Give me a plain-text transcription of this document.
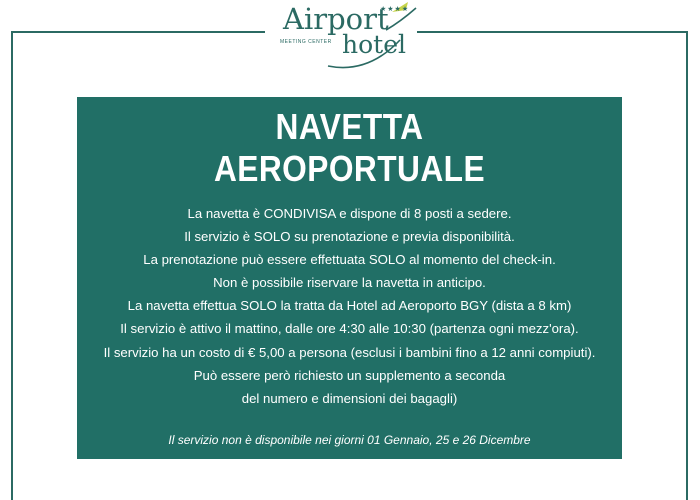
★★★★
Airport
MEETING CENTER hotel
NAVETTA
AEROPORTUALE
La navetta è CONDIVISA e dispone di 8 posti a sedere.
Il servizio è SOLO su prenotazione e previa disponibilità.
La prenotazione può essere effettuata SOLO al momento del check-in.
Non è possibile riservare la navetta in anticipo.
La navetta effettua SOLO la tratta da Hotel ad Aeroporto BGY (dista a 8 km)
Il servizio è attivo il mattino, dalle ore 4:30 alle 10:30 (partenza ogni mezz'ora).
Il servizio ha un costo di € 5,00 a persona (esclusi i bambini fino a 12 anni compiuti).
Può essere però richiesto un supplemento a seconda
del numero e dimensioni dei bagagli)
Il servizio non è disponibile nei giorni 01 Gennaio, 25 e 26 Dicembre
